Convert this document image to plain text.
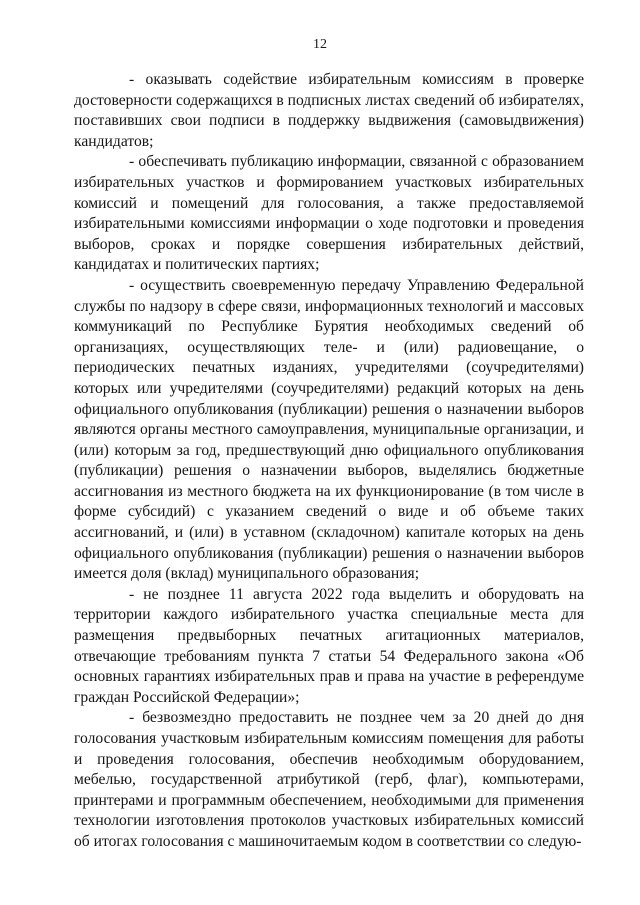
12

- оказывать содействие избирательным комиссиям в проверке достоверности содержащихся в подписных листах сведений об избирателях, поставивших свои подписи в поддержку выдвижения (самовыдвижения) кандидатов;

- обеспечивать публикацию информации, связанной с образованием избирательных участков и формированием участковых избирательных комиссий и помещений для голосования, а также предоставляемой избирательными комиссиями информации о ходе подготовки и проведения выборов, сроках и порядке совершения избирательных действий, кандидатах и политических партиях;

- осуществить своевременную передачу Управлению Федеральной службы по надзору в сфере связи, информационных технологий и массовых коммуникаций по Республике Бурятия необходимых сведений об организациях, осуществляющих теле- и (или) радиовещание, о периодических печатных изданиях, учредителями (соучредителями) которых или учредителями (соучредителями) редакций которых на день официального опубликования (публикации) решения о назначении выборов являются органы местного самоуправления, муниципальные организации, и (или) которым за год, предшествующий дню официального опубликования (публикации) решения о назначении выборов, выделялись бюджетные ассигнования из местного бюджета на их функционирование (в том числе в форме субсидий) с указанием сведений о виде и об объеме таких ассигнований, и (или) в уставном (складочном) капитале которых на день официального опубликования (публикации) решения о назначении выборов имеется доля (вклад) муниципального образования;

- не позднее 11 августа 2022 года выделить и оборудовать на территории каждого избирательного участка специальные места для размещения предвыборных печатных агитационных материалов, отвечающие требованиям пункта 7 статьи 54 Федерального закона «Об основных гарантиях избирательных прав и права на участие в референдуме граждан Российской Федерации»;

- безвозмездно предоставить не позднее чем за 20 дней до дня голосования участковым избирательным комиссиям помещения для работы и проведения голосования, обеспечив необходимым оборудованием, мебелью, государственной атрибутикой (герб, флаг), компьютерами, принтерами и программным обеспечением, необходимыми для применения технологии изготовления протоколов участковых избирательных комиссий об итогах голосования с машиночитаемым кодом в соответствии со следую-
